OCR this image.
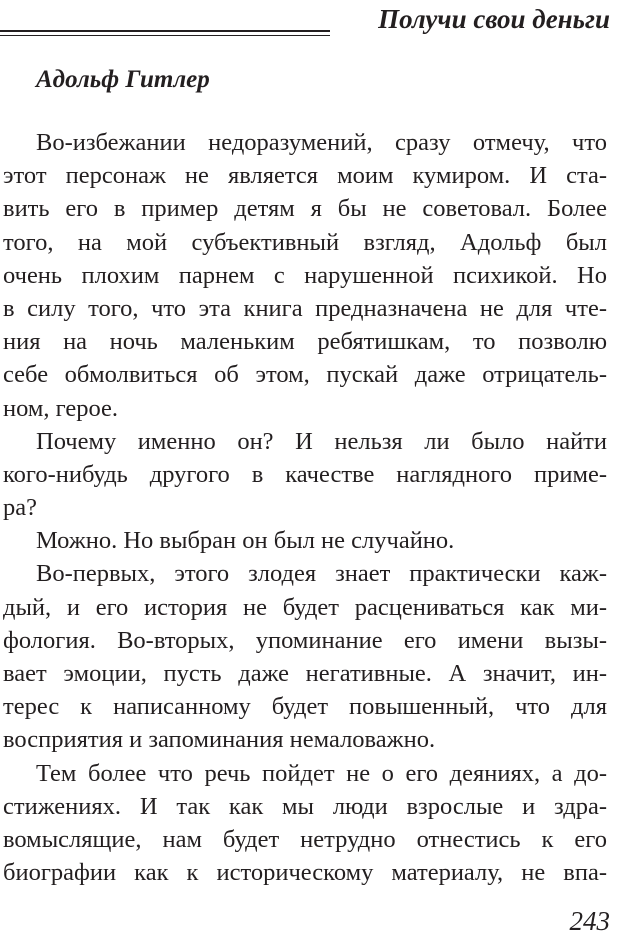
Получи свои деньги
Адольф Гитлер
Во-избежании недоразумений, сразу отмечу, что
этот персонаж не является моим кумиром. И ста-
вить его в пример детям я бы не советовал. Более
того, на мой субъективный взгляд, Адольф был
очень плохим парнем с нарушенной психикой. Но
в силу того, что эта книга предназначена не для чте-
ния на ночь маленьким ребятишкам, то позволю
себе обмолвиться об этом, пускай даже отрицатель-
ном, герое.
Почему именно он? И нельзя ли было найти
кого-нибудь другого в качестве наглядного приме-
ра?
Можно. Но выбран он был не случайно.
Во-первых, этого злодея знает практически каж-
дый, и его история не будет расцениваться как ми-
фология. Во-вторых, упоминание его имени вызы-
вает эмоции, пусть даже негативные. А значит, ин-
терес к написанному будет повышенный, что для
восприятия и запоминания немаловажно.
Тем более что речь пойдет не о его деяниях, а до-
стижениях. И так как мы люди взрослые и здра-
вомыслящие, нам будет нетрудно отнестись к его
биографии как к историческому материалу, не впа-
243
